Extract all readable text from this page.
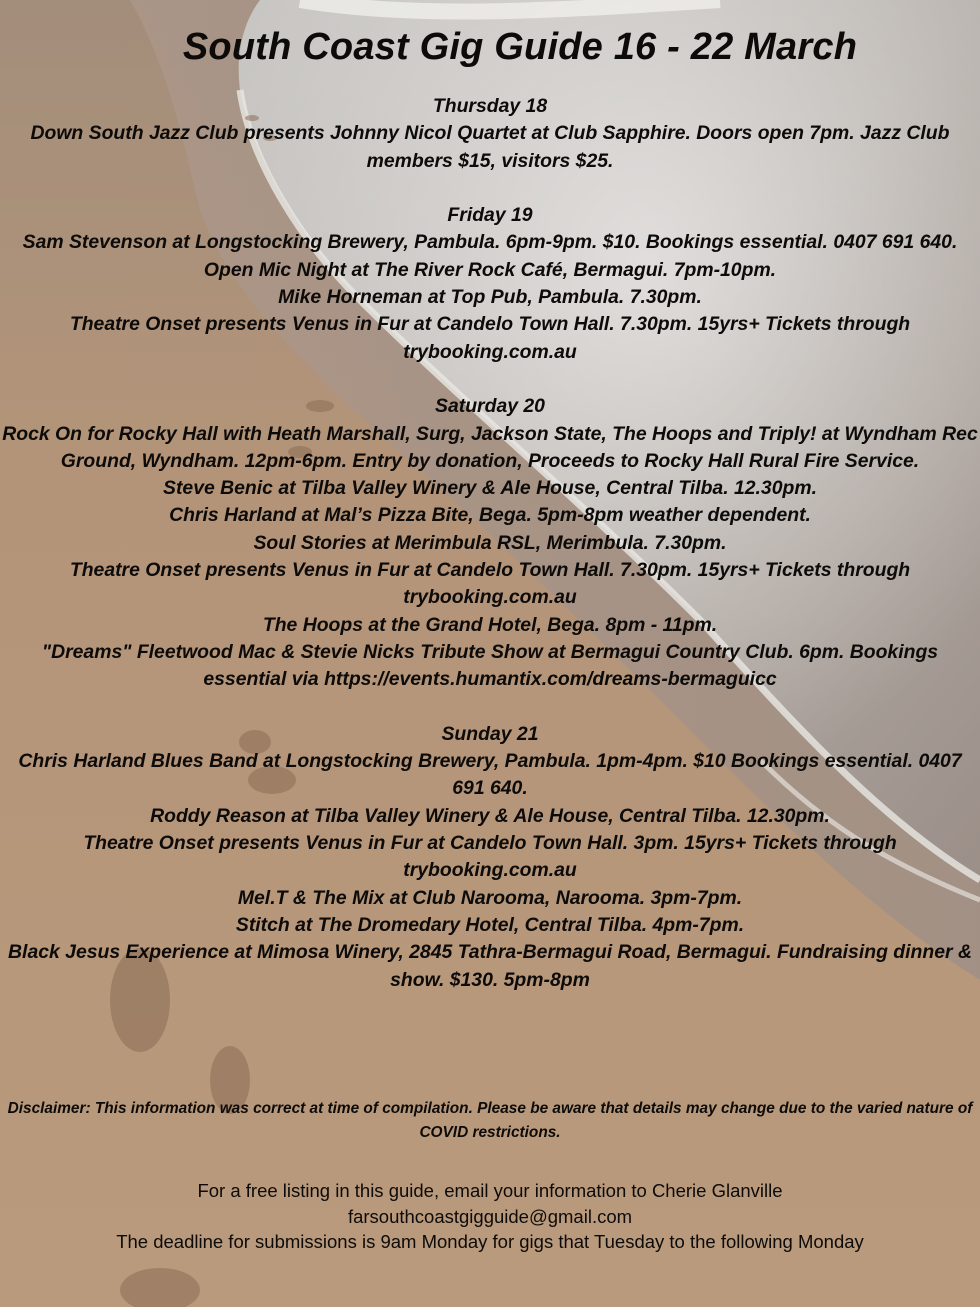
South Coast Gig Guide 16 - 22 March

Thursday 18

Down South Jazz Club presents Johnny Nicol Quartet at Club Sapphire. Doors open 7pm. Jazz Club members $15, visitors $25.

Friday 19

Sam Stevenson at Longstocking Brewery, Pambula. 6pm-9pm. $10. Bookings essential. 0407 691 640.

Open Mic Night at The River Rock Café, Bermagui. 7pm-10pm.

Mike Horneman at Top Pub, Pambula. 7.30pm.

Theatre Onset presents Venus in Fur at Candelo Town Hall. 7.30pm. 15yrs+ Tickets through trybooking.com.au

Saturday 20

Rock On for Rocky Hall with Heath Marshall, Surg, Jackson State, The Hoops and Triply! at Wyndham Rec Ground, Wyndham. 12pm-6pm. Entry by donation, Proceeds to Rocky Hall Rural Fire Service.

Steve Benic at Tilba Valley Winery & Ale House, Central Tilba. 12.30pm.

Chris Harland at Mal’s Pizza Bite, Bega. 5pm-8pm weather dependent.

Soul Stories at Merimbula RSL, Merimbula. 7.30pm.

Theatre Onset presents Venus in Fur at Candelo Town Hall. 7.30pm. 15yrs+ Tickets through trybooking.com.au

The Hoops at the Grand Hotel, Bega. 8pm - 11pm.

"Dreams" Fleetwood Mac & Stevie Nicks Tribute Show at Bermagui Country Club. 6pm. Bookings essential via https://events.humantix.com/dreams-bermaguicc

Sunday 21

Chris Harland Blues Band at Longstocking Brewery, Pambula. 1pm-4pm. $10 Bookings essential. 0407 691 640.

Roddy Reason at Tilba Valley Winery & Ale House, Central Tilba. 12.30pm.

Theatre Onset presents Venus in Fur at Candelo Town Hall. 3pm. 15yrs+ Tickets through trybooking.com.au

Mel.T & The Mix at Club Narooma, Narooma. 3pm-7pm.

Stitch at The Dromedary Hotel, Central Tilba. 4pm-7pm.

Black Jesus Experience at Mimosa Winery, 2845 Tathra-Bermagui Road, Bermagui. Fundraising dinner & show. $130. 5pm-8pm

Disclaimer: This information was correct at time of compilation. Please be aware that details may change due to the varied nature of COVID restrictions.

For a free listing in this guide, email your information to Cherie Glanville

farsouthcoastgigguide@gmail.com

The deadline for submissions is 9am Monday for gigs that Tuesday to the following Monday
